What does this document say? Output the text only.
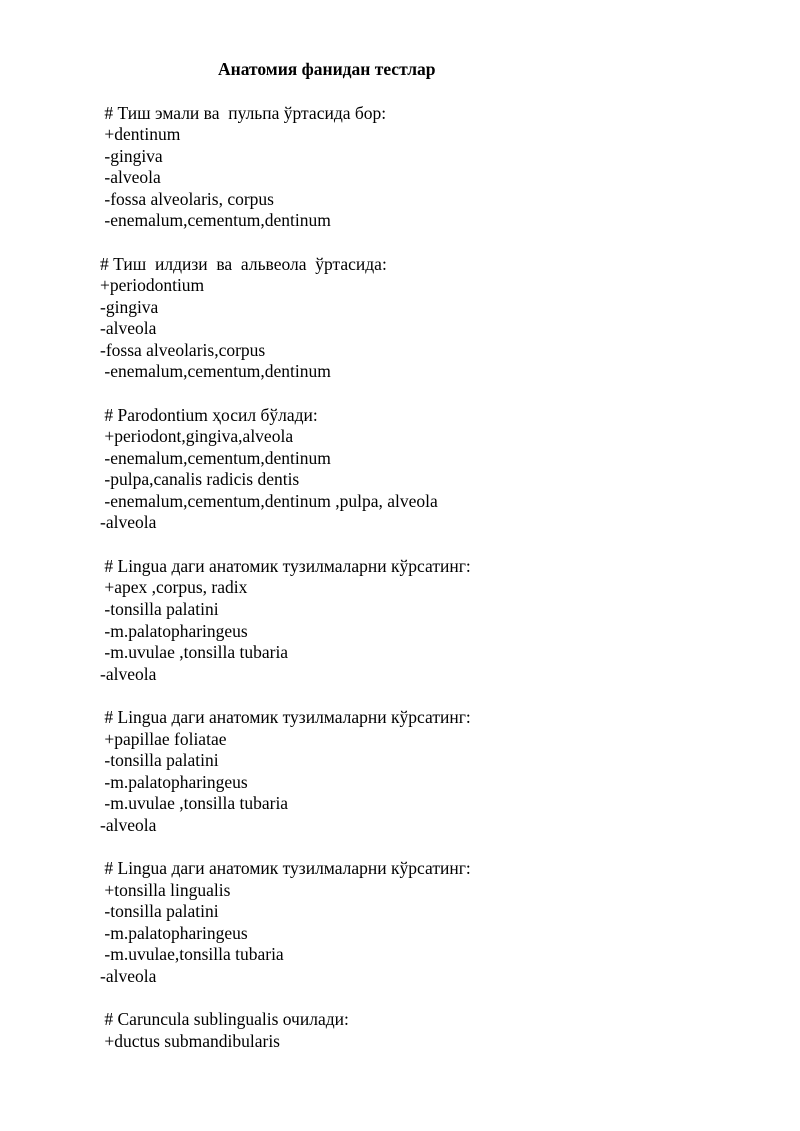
Анатомия фанидан тестлар

# Тиш эмали ва  пульпа ўртасида бор:

+dentinum

-gingiva

-alveola

-fossa alveolaris, corpus

-enemalum,cementum,dentinum

# Тиш  илдизи  ва  альвеола  ўртасида:

+periodontium

-gingiva

-alveola

-fossa alveolaris,corpus

-enemalum,cementum,dentinum

# Parodontium ҳосил бўлади:

+periodont,gingiva,alveola

-enemalum,cementum,dentinum

-pulpa,canalis radicis dentis

-enemalum,cementum,dentinum ,pulpa, alveola

-alveola

# Lingua даги анатомик тузилмаларни кўрсатинг:

+apex ,corpus, radix

-tonsilla palatini

-m.palatopharingeus

-m.uvulae ,tonsilla tubaria

-alveola

# Lingua даги анатомик тузилмаларни кўрсатинг:

+papillae foliatae

-tonsilla palatini

-m.palatopharingeus

-m.uvulae ,tonsilla tubaria

-alveola

# Lingua даги анатомик тузилмаларни кўрсатинг:

+tonsilla lingualis

-tonsilla palatini

-m.palatopharingeus

-m.uvulae,tonsilla tubaria

-alveola

# Caruncula sublingualis очилади:

+ductus submandibularis
